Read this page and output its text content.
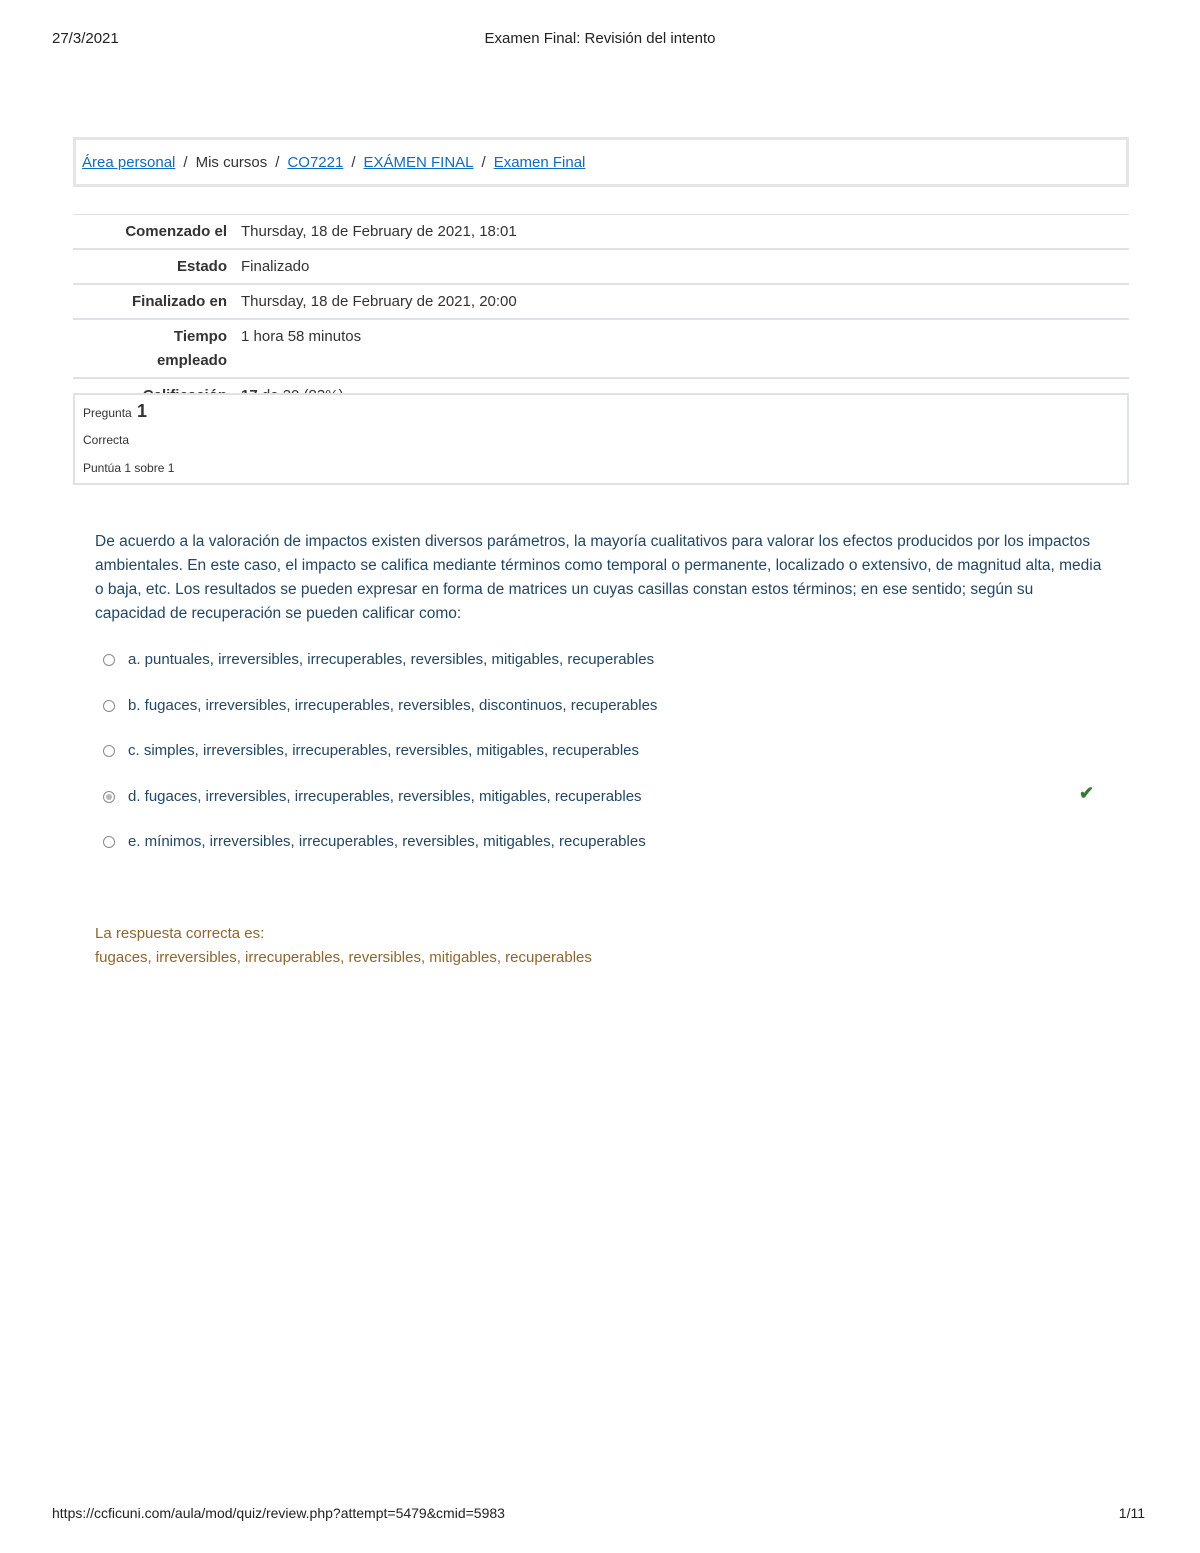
27/3/2021	Examen Final: Revisión del intento
Área personal / Mis cursos / CO7221 / EXÁMEN FINAL / Examen Final
Comenzado el Thursday, 18 de February de 2021, 18:01
Estado Finalizado
Finalizado en Thursday, 18 de February de 2021, 20:00
Tiempo
empleado
1 hora 58 minutos
Pregunta 1
Correcta
Puntúa 1 sobre 1
De acuerdo a la valoración de impactos existen diversos parámetros, la mayoría cualitativos para valorar los efectos producidos por los impactos ambientales. En este caso, el impacto se califica mediante términos como temporal o permanente, localizado o extensivo, de magnitud alta, media o baja, etc. Los resultados se pueden expresar en forma de matrices un cuyas casillas constan estos términos; en ese sentido; según su capacidad de recuperación se pueden calificar como:
a. puntuales, irreversibles, irrecuperables, reversibles, mitigables, recuperables
b. fugaces, irreversibles, irrecuperables, reversibles, discontinuos, recuperables
c. simples, irreversibles, irrecuperables, reversibles, mitigables, recuperables
d. fugaces, irreversibles, irrecuperables, reversibles, mitigables, recuperables	✔
e. mínimos, irreversibles, irrecuperables, reversibles, mitigables, recuperables
La respuesta correcta es:
fugaces, irreversibles, irrecuperables, reversibles, mitigables, recuperables
https://ccficuni.com/aula/mod/quiz/review.php?attempt=5479&cmid=5983	1/11
